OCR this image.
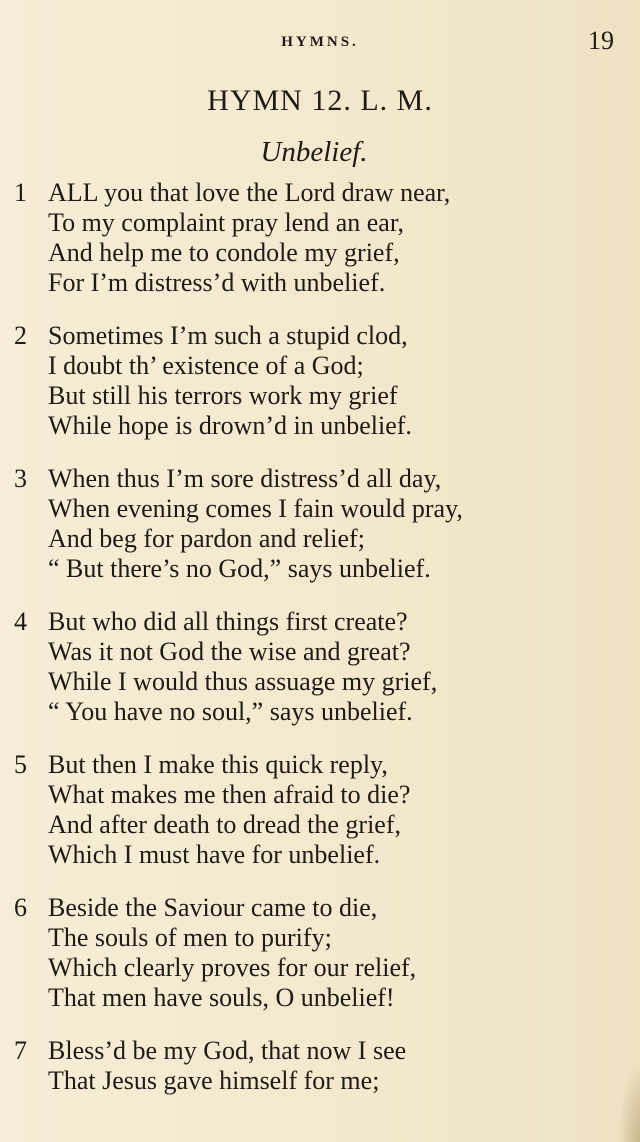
HYMNS.	19
HYMN 12. L. M.
Unbelief.
1 ALL you that love the Lord draw near,
To my complaint pray lend an ear,
And help me to condole my grief,
For I’m distress’d with unbelief.
2 Sometimes I’m such a stupid clod,
I doubt th’ existence of a God;
But still his terrors work my grief
While hope is drown’d in unbelief.
3 When thus I’m sore distress’d all day,
When evening comes I fain would pray,
And beg for pardon and relief;
“ But there’s no God,” says unbelief.
4 But who did all things first create?
Was it not God the wise and great?
While I would thus assuage my grief,
“ You have no soul,” says unbelief.
5 But then I make this quick reply,
What makes me then afraid to die?
And after death to dread the grief,
Which I must have for unbelief.
6 Beside the Saviour came to die,
The souls of men to purify;
Which clearly proves for our relief,
That men have souls, O unbelief!
7 Bless’d be my God, that now I see
That Jesus gave himself for me;
